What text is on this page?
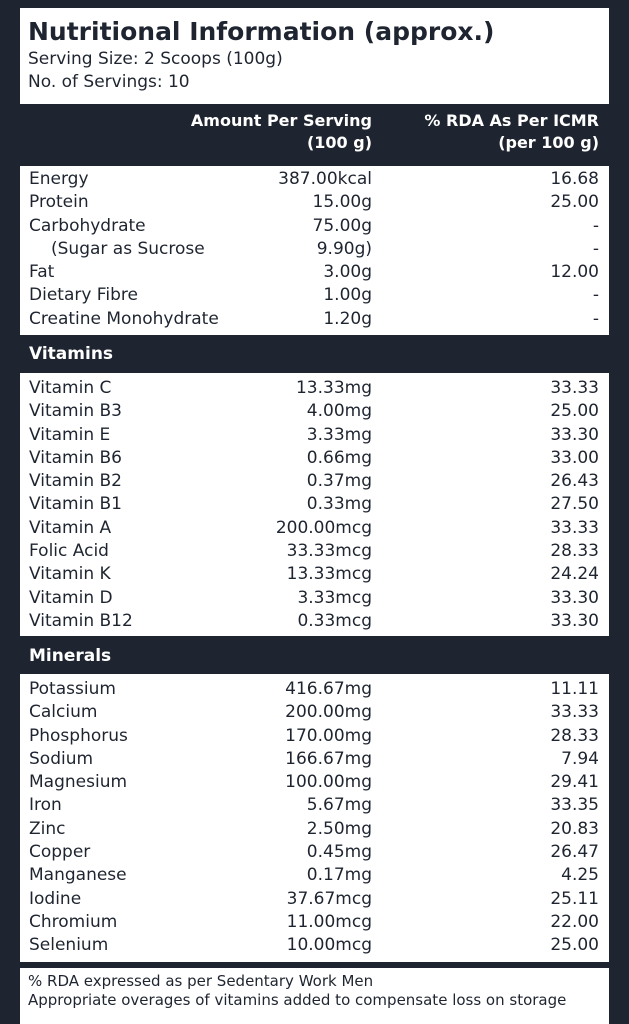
Nutritional Information (approx.)
Serving Size: 2 Scoops (100g)
No. of Servings: 10
Amount Per Serving
(100 g)
% RDA As Per ICMR
(per 100 g)
Energy	387.00kcal	16.68
Protein	15.00g	25.00
Carbohydrate	75.00g	-
(Sugar as Sucrose	9.90g)	-
Fat	3.00g	12.00
Dietary Fibre	1.00g	-
Creatine Monohydrate	1.20g	-
Vitamins
Vitamin C	13.33mg	33.33
Vitamin B3	4.00mg	25.00
Vitamin E	3.33mg	33.30
Vitamin B6	0.66mg	33.00
Vitamin B2	0.37mg	26.43
Vitamin B1	0.33mg	27.50
Vitamin A	200.00mcg	33.33
Folic Acid	33.33mcg	28.33
Vitamin K	13.33mcg	24.24
Vitamin D	3.33mcg	33.30
Vitamin B12	0.33mcg	33.30
Minerals
Potassium	416.67mg	11.11
Calcium	200.00mg	33.33
Phosphorus	170.00mg	28.33
Sodium	166.67mg	7.94
Magnesium	100.00mg	29.41
Iron	5.67mg	33.35
Zinc	2.50mg	20.83
Copper	0.45mg	26.47
Manganese	0.17mg	4.25
Iodine	37.67mcg	25.11
Chromium	11.00mcg	22.00
Selenium	10.00mcg	25.00
% RDA expressed as per Sedentary Work Men
Appropriate overages of vitamins added to compensate loss on storage
